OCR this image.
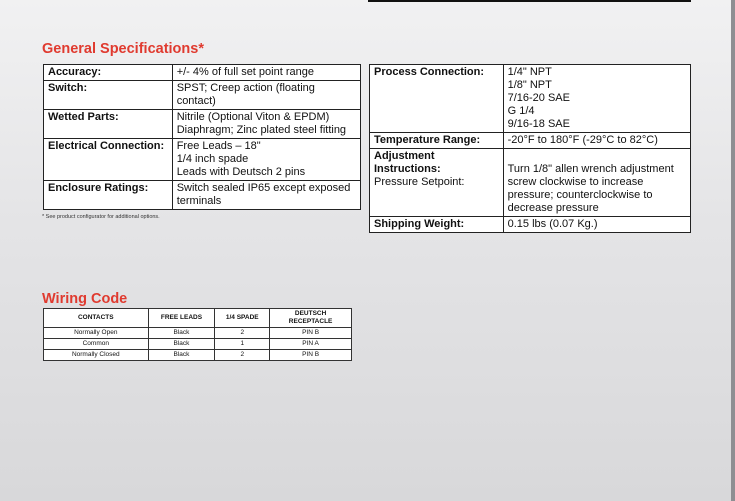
General Specifications*
Accuracy:	+/- 4% of full set point range

Switch:	SPST; Creep action (floating contact)

Wetted Parts:	Nitrile (Optional Viton & EPDM)
Diaphragm; Zinc plated steel fitting

Electrical Connection:	Free Leads – 18"
1/4 inch spade
Leads with Deutsch 2 pins

Enclosure Ratings:	Switch sealed IP65 except exposed
terminals
* See product configurator for additional options.
Process Connection:	1/4" NPT
1/8" NPT
7/16-20 SAE
G 1/4
9/16-18 SAE

Temperature Range:	-20°F to 180°F (-29°C to 82°C)

Adjustment Instructions:
Pressure Setpoint:	Turn 1/8" allen wrench adjustment
screw clockwise to increase
pressure; counterclockwise to
decrease pressure

Shipping Weight:	0.15 lbs (0.07 Kg.)
Wiring Code
CONTACTS	FREE LEADS	1/4 SPADE	DEUTSCH RECEPTACLE
Normally Open	Black	2	PIN B
Common	Black	1	PIN A
Normally Closed	Black	2	PIN B
